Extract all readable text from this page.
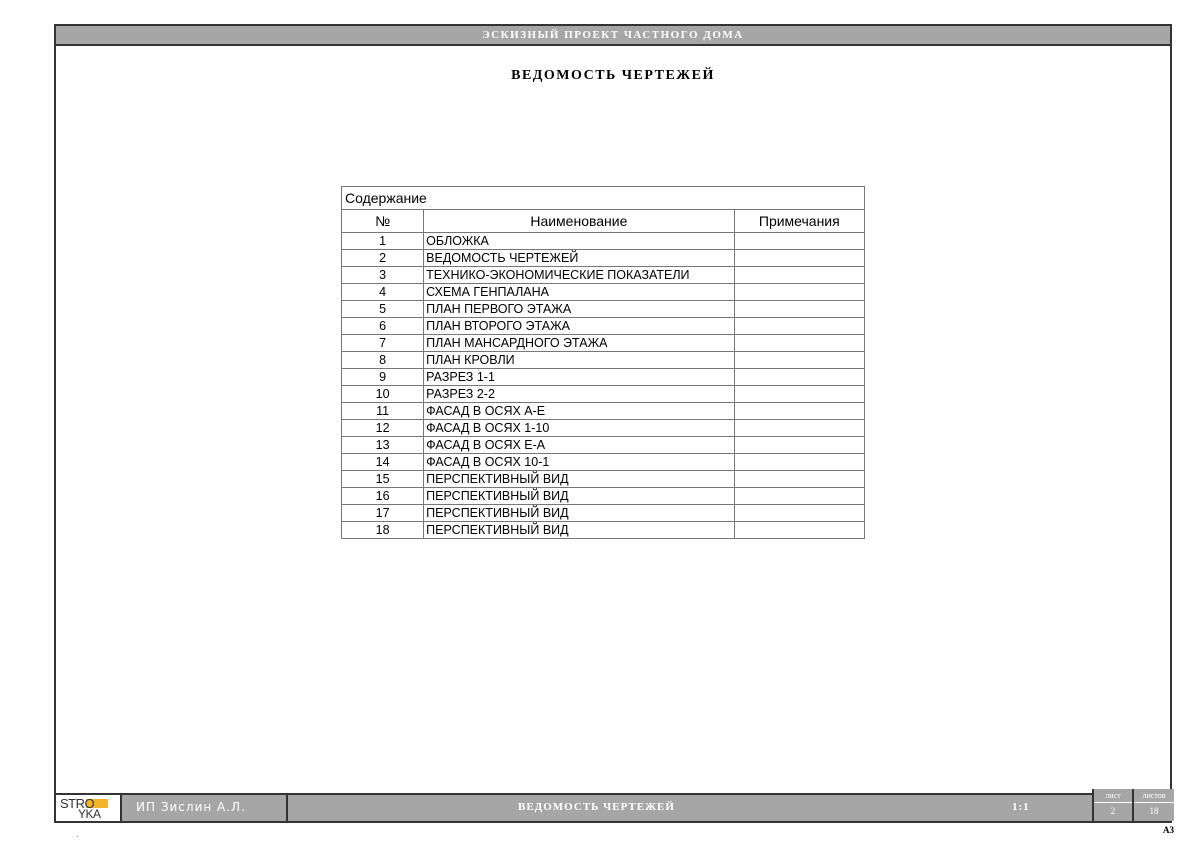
ЭСКИЗНЫЙ ПРОЕКТ ЧАСТНОГО ДОМА
ВЕДОМОСТЬ ЧЕРТЕЖЕЙ
Содержание		
№	Наименование	Примечания
1	ОБЛОЖКА	
2	ВЕДОМОСТЬ ЧЕРТЕЖЕЙ	
3	ТЕХНИКО-ЭКОНОМИЧЕСКИЕ ПОКАЗАТЕЛИ	
4	СХЕМА ГЕНПАЛАНА	
5	ПЛАН ПЕРВОГО ЭТАЖА	
6	ПЛАН ВТОРОГО ЭТАЖА	
7	ПЛАН МАНСАРДНОГО ЭТАЖА	
8	ПЛАН КРОВЛИ	
9	РАЗРЕЗ 1-1	
10	РАЗРЕЗ 2-2	
11	ФАСАД В ОСЯХ А-Е	
12	ФАСАД В ОСЯХ 1-10	
13	ФАСАД В ОСЯХ Е-А	
14	ФАСАД В ОСЯХ 10-1	
15	ПЕРСПЕКТИВНЫЙ ВИД	
16	ПЕРСПЕКТИВНЫЙ ВИД	
17	ПЕРСПЕКТИВНЫЙ ВИД	
18	ПЕРСПЕКТИВНЫЙ ВИД	
STRO
YKA	ИП Зислин А.Л.	ВЕДОМОСТЬ ЧЕРТЕЖЕЙ	1:1
лист
2
листов
18
А3
·
